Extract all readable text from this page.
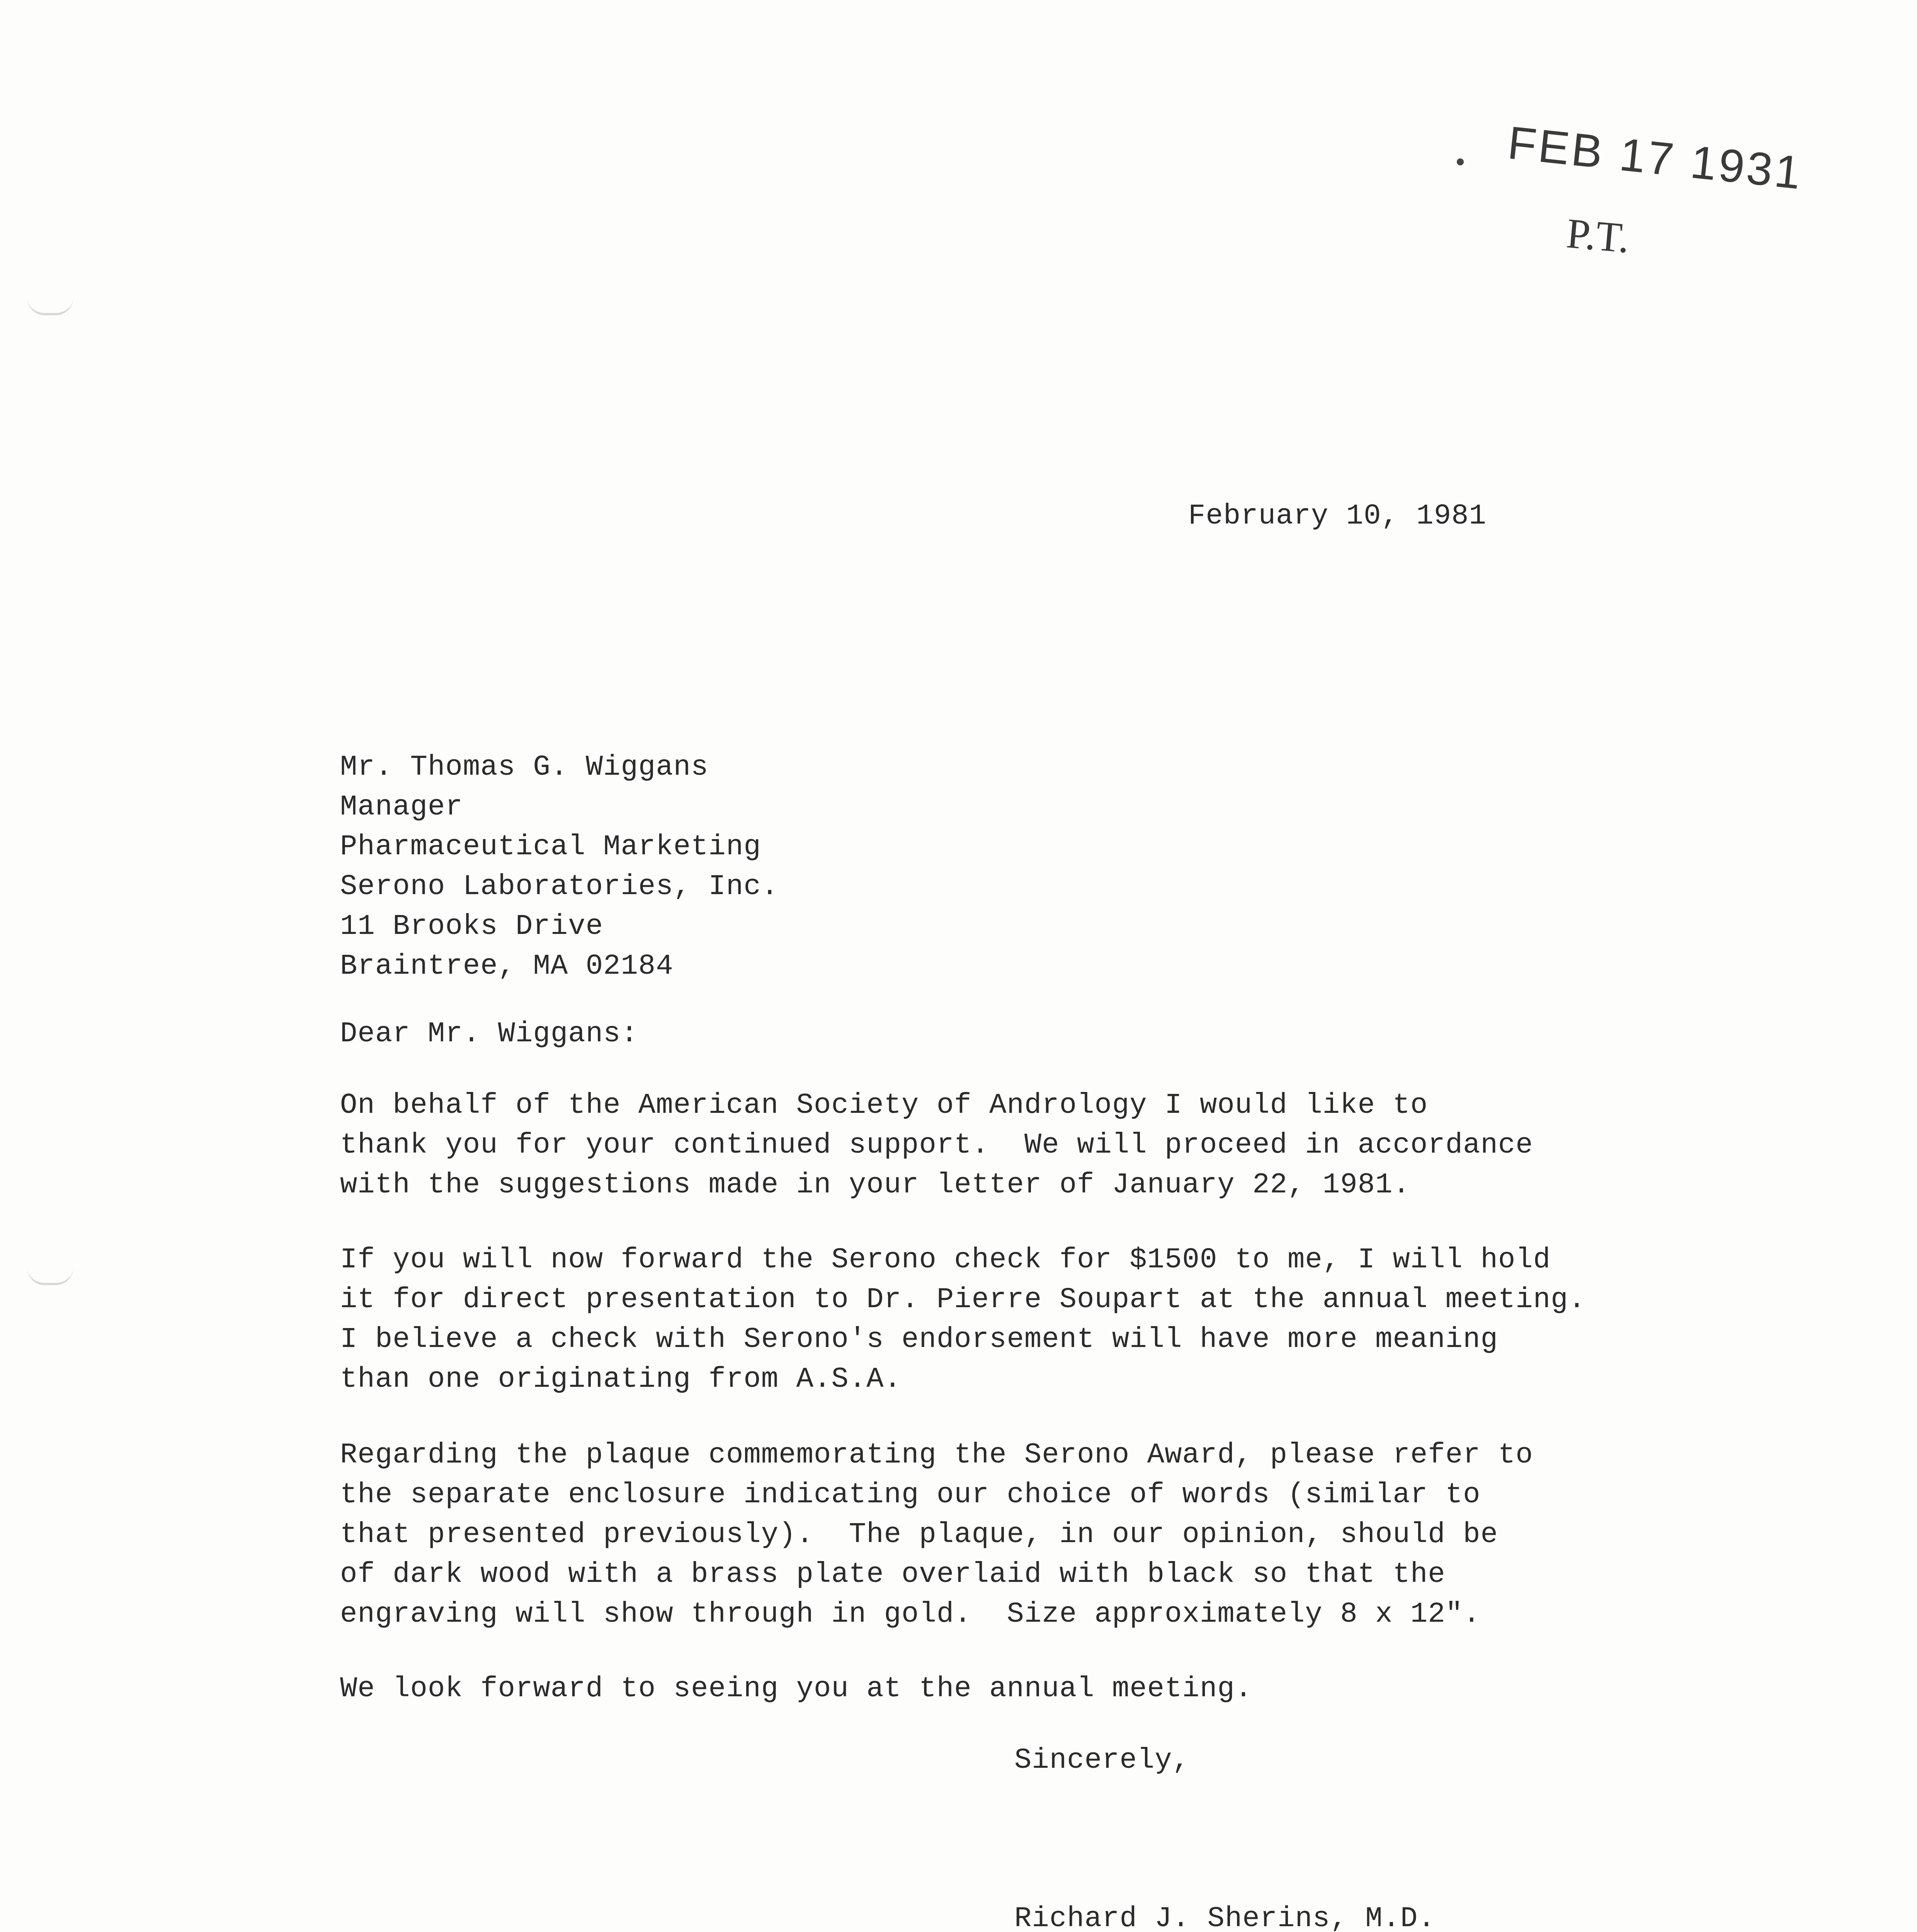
FEB 17 1931
P.T.
February 10, 1981
Mr. Thomas G. Wiggans
Manager
Pharmaceutical Marketing
Serono Laboratories, Inc.
11 Brooks Drive
Braintree, MA 02184
Dear Mr. Wiggans:
On behalf of the American Society of Andrology I would like to
thank you for your continued support.  We will proceed in accordance
with the suggestions made in your letter of January 22, 1981.
If you will now forward the Serono check for $1500 to me, I will hold
it for direct presentation to Dr. Pierre Soupart at the annual meeting.
I believe a check with Serono's endorsement will have more meaning
than one originating from A.S.A.
Regarding the plaque commemorating the Serono Award, please refer to
the separate enclosure indicating our choice of words (similar to
that presented previously).  The plaque, in our opinion, should be
of dark wood with a brass plate overlaid with black so that the
engraving will show through in gold.  Size approximately 8 x 12".
We look forward to seeing you at the annual meeting.
Sincerely,
Richard J. Sherins, M.D.
